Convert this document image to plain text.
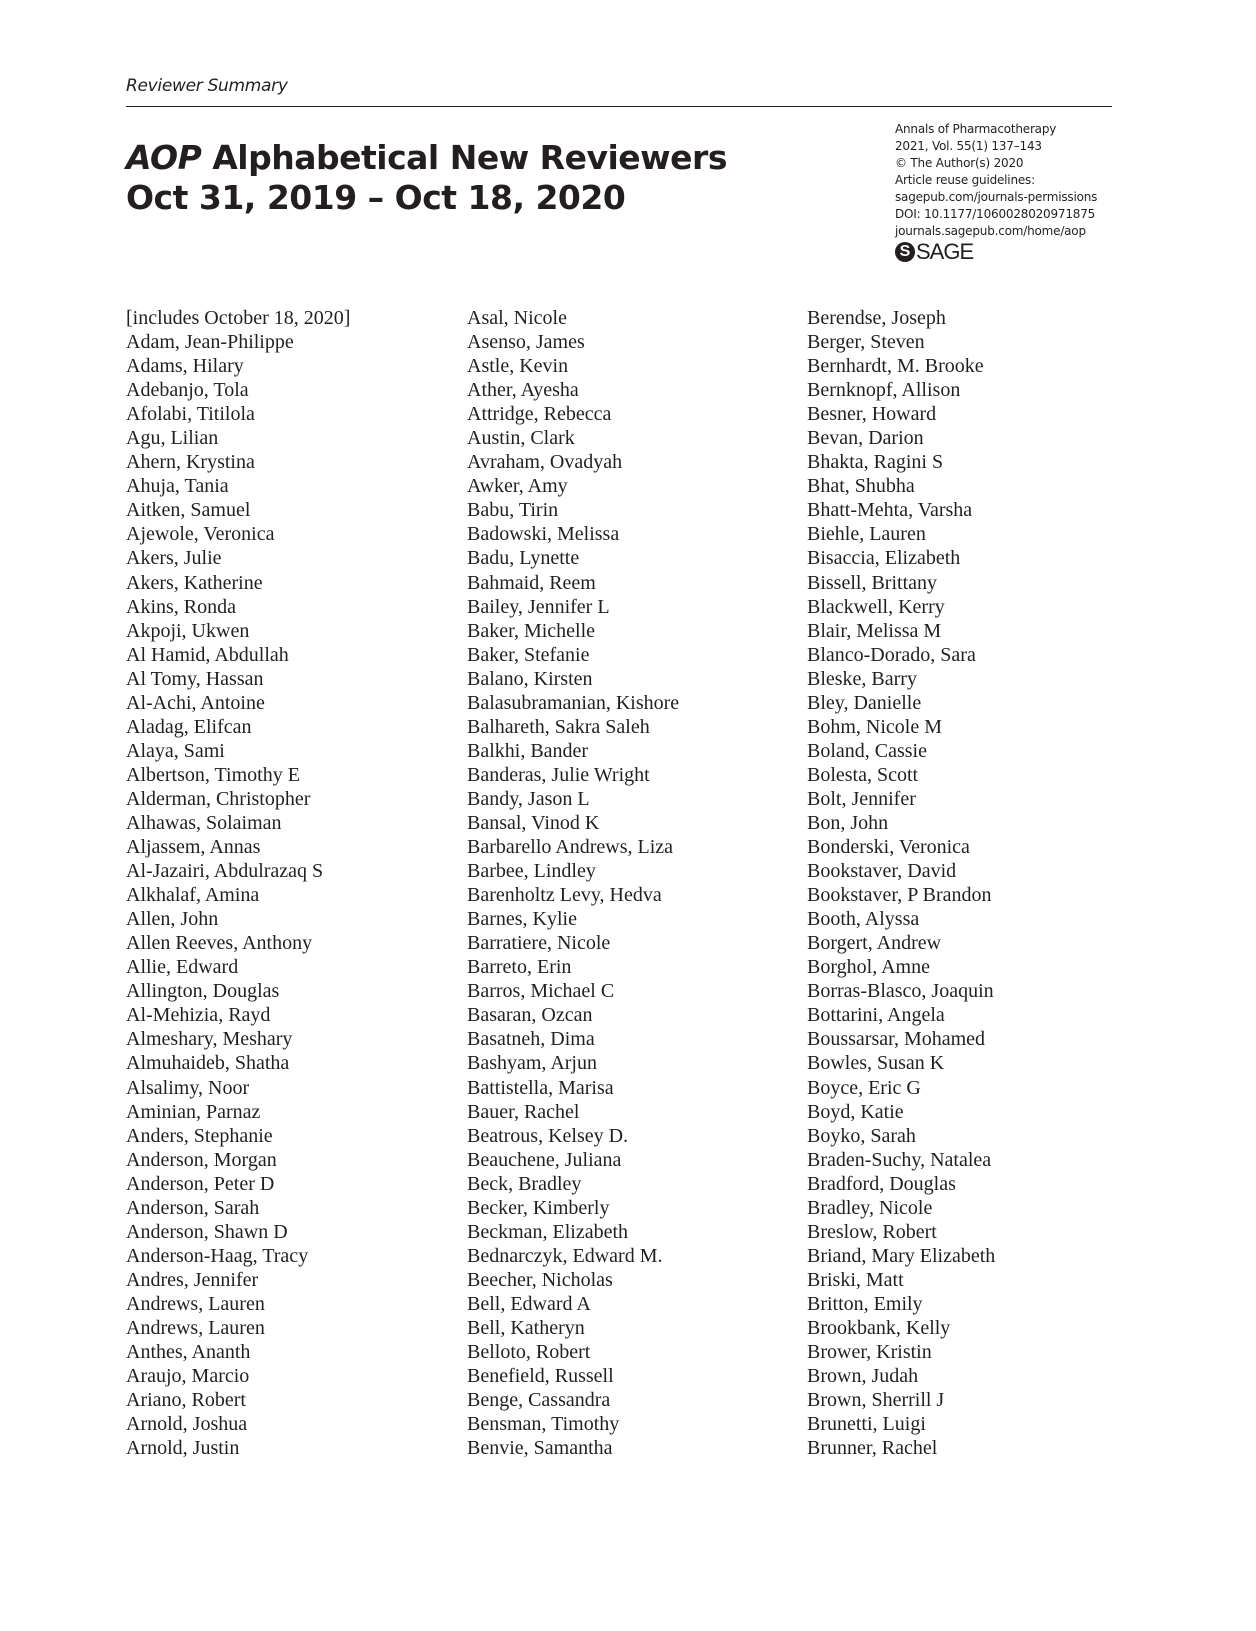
Reviewer Summary
AOP Alphabetical New Reviewers
Oct 31, 2019 – Oct 18, 2020
Annals of Pharmacotherapy
2021, Vol. 55(1) 137–143
© The Author(s) 2020
Article reuse guidelines:
sagepub.com/journals-permissions
DOI: 10.1177/1060028020971875
journals.sagepub.com/home/aop
S SAGE
[includes October 18, 2020]
Adam, Jean-Philippe
Adams, Hilary
Adebanjo, Tola
Afolabi, Titilola
Agu, Lilian
Ahern, Krystina
Ahuja, Tania
Aitken, Samuel
Ajewole, Veronica
Akers, Julie
Akers, Katherine
Akins, Ronda
Akpoji, Ukwen
Al Hamid, Abdullah
Al Tomy, Hassan
Al-Achi, Antoine
Aladag, Elifcan
Alaya, Sami
Albertson, Timothy E
Alderman, Christopher
Alhawas, Solaiman
Aljassem, Annas
Al-Jazairi, Abdulrazaq S
Alkhalaf, Amina
Allen, John
Allen Reeves, Anthony
Allie, Edward
Allington, Douglas
Al-Mehizia, Rayd
Almeshary, Meshary
Almuhaideb, Shatha
Alsalimy, Noor
Aminian, Parnaz
Anders, Stephanie
Anderson, Morgan
Anderson, Peter D
Anderson, Sarah
Anderson, Shawn D
Anderson-Haag, Tracy
Andres, Jennifer
Andrews, Lauren
Andrews, Lauren
Anthes, Ananth
Araujo, Marcio
Ariano, Robert
Arnold, Joshua
Arnold, Justin
Asal, Nicole
Asenso, James
Astle, Kevin
Ather, Ayesha
Attridge, Rebecca
Austin, Clark
Avraham, Ovadyah
Awker, Amy
Babu, Tirin
Badowski, Melissa
Badu, Lynette
Bahmaid, Reem
Bailey, Jennifer L
Baker, Michelle
Baker, Stefanie
Balano, Kirsten
Balasubramanian, Kishore
Balhareth, Sakra Saleh
Balkhi, Bander
Banderas, Julie Wright
Bandy, Jason L
Bansal, Vinod K
Barbarello Andrews, Liza
Barbee, Lindley
Barenholtz Levy, Hedva
Barnes, Kylie
Barratiere, Nicole
Barreto, Erin
Barros, Michael C
Basaran, Ozcan
Basatneh, Dima
Bashyam, Arjun
Battistella, Marisa
Bauer, Rachel
Beatrous, Kelsey D.
Beauchene, Juliana
Beck, Bradley
Becker, Kimberly
Beckman, Elizabeth
Bednarczyk, Edward M.
Beecher, Nicholas
Bell, Edward A
Bell, Katheryn
Belloto, Robert
Benefield, Russell
Benge, Cassandra
Bensman, Timothy
Benvie, Samantha
Berendse, Joseph
Berger, Steven
Bernhardt, M. Brooke
Bernknopf, Allison
Besner, Howard
Bevan, Darion
Bhakta, Ragini S
Bhat, Shubha
Bhatt-Mehta, Varsha
Biehle, Lauren
Bisaccia, Elizabeth
Bissell, Brittany
Blackwell, Kerry
Blair, Melissa M
Blanco-Dorado, Sara
Bleske, Barry
Bley, Danielle
Bohm, Nicole M
Boland, Cassie
Bolesta, Scott
Bolt, Jennifer
Bon, John
Bonderski, Veronica
Bookstaver, David
Bookstaver, P Brandon
Booth, Alyssa
Borgert, Andrew
Borghol, Amne
Borras-Blasco, Joaquin
Bottarini, Angela
Boussarsar, Mohamed
Bowles, Susan K
Boyce, Eric G
Boyd, Katie
Boyko, Sarah
Braden-Suchy, Natalea
Bradford, Douglas
Bradley, Nicole
Breslow, Robert
Briand, Mary Elizabeth
Briski, Matt
Britton, Emily
Brookbank, Kelly
Brower, Kristin
Brown, Judah
Brown, Sherrill J
Brunetti, Luigi
Brunner, Rachel
